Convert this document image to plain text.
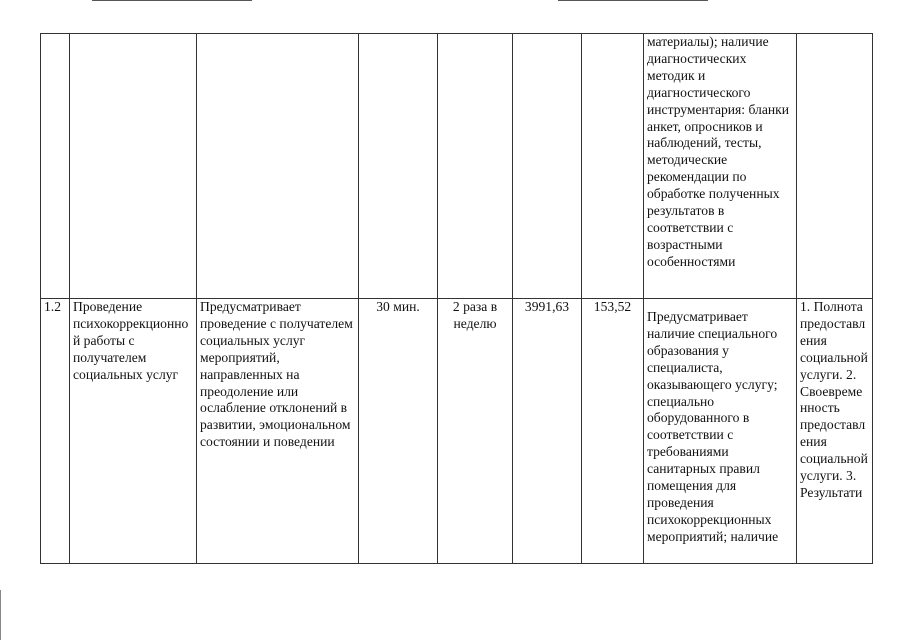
							материалы); наличие диагностических методик и диагностического инструментария: бланки анкет, опросников и наблюдений, тесты, методические рекомендации по обработке полученных результатов в соответствии с возрастными особенностями	
1.2	Проведение психокоррекционной работы с получателем социальных услуг	Предусматривает проведение с получателем социальных услуг мероприятий, направленных на преодоление или ослабление отклонений в развитии, эмоциональном состоянии и поведении	30 мин.	2 раза в неделю	3991,63	153,52	Предусматривает наличие специального образования у специалиста, оказывающего услугу; специально оборудованного в соответствии с требованиями санитарных правил помещения для проведения психокоррекционных мероприятий; наличие	1. Полнота предоставления социальной услуги. 2. Своевременность предоставления социальной услуги. 3. Результати
